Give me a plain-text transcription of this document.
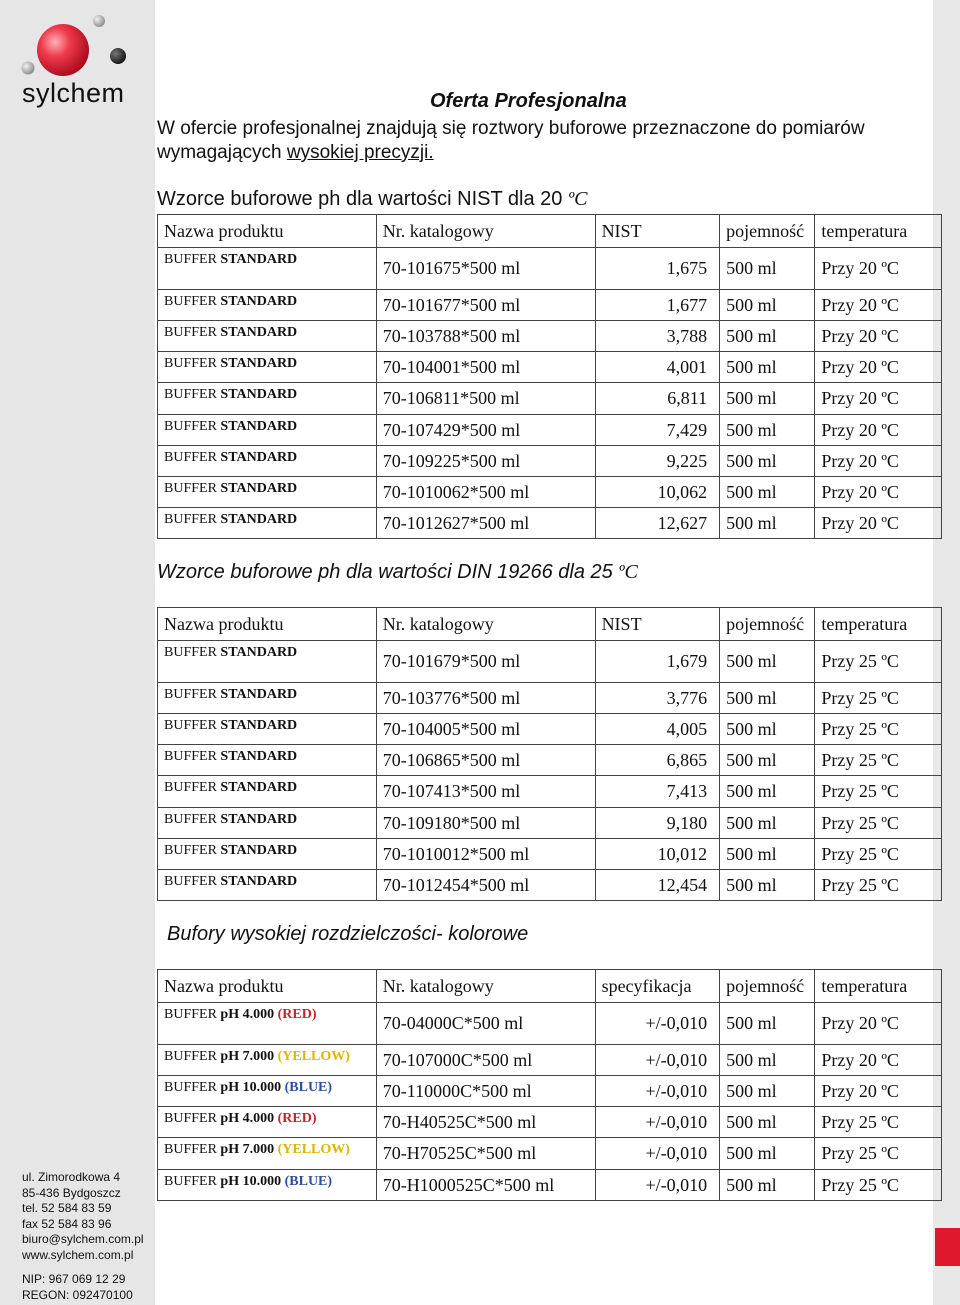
sylchem
ul. Zimorodkowa 4
85-436 Bydgoszcz
tel. 52 584 83 59
fax 52 584 83 96
biuro@sylchem.com.pl
www.sylchem.com.pl
NIP: 967 069 12 29
REGON: 092470100
Oferta Profesjonalna
W ofercie profesjonalnej znajdują się roztwory buforowe przeznaczone do pomiarów wymagających wysokiej precyzji.
Wzorce buforowe ph dla wartości NIST dla 20 ºC
Nazwa produktu	Nr. katalogowy	NIST	pojemność	temperatura
BUFFER STANDARD	70-101675*500 ml	1,675	500 ml	Przy 20 ºC
BUFFER STANDARD	70-101677*500 ml	1,677	500 ml	Przy 20 ºC
BUFFER STANDARD	70-103788*500 ml	3,788	500 ml	Przy 20 ºC
BUFFER STANDARD	70-104001*500 ml	4,001	500 ml	Przy 20 ºC
BUFFER STANDARD	70-106811*500 ml	6,811	500 ml	Przy 20 ºC
BUFFER STANDARD	70-107429*500 ml	7,429	500 ml	Przy 20 ºC
BUFFER STANDARD	70-109225*500 ml	9,225	500 ml	Przy 20 ºC
BUFFER STANDARD	70-1010062*500 ml	10,062	500 ml	Przy 20 ºC
BUFFER STANDARD	70-1012627*500 ml	12,627	500 ml	Przy 20 ºC
Wzorce buforowe ph dla wartości DIN 19266 dla 25 ºC
Nazwa produktu	Nr. katalogowy	NIST	pojemność	temperatura
BUFFER STANDARD	70-101679*500 ml	1,679	500 ml	Przy 25 ºC
BUFFER STANDARD	70-103776*500 ml	3,776	500 ml	Przy 25 ºC
BUFFER STANDARD	70-104005*500 ml	4,005	500 ml	Przy 25 ºC
BUFFER STANDARD	70-106865*500 ml	6,865	500 ml	Przy 25 ºC
BUFFER STANDARD	70-107413*500 ml	7,413	500 ml	Przy 25 ºC
BUFFER STANDARD	70-109180*500 ml	9,180	500 ml	Przy 25 ºC
BUFFER STANDARD	70-1010012*500 ml	10,012	500 ml	Przy 25 ºC
BUFFER STANDARD	70-1012454*500 ml	12,454	500 ml	Przy 25 ºC
Bufory wysokiej rozdzielczości- kolorowe
Nazwa produktu	Nr. katalogowy	specyfikacja	pojemność	temperatura
BUFFER pH 4.000 (RED)	70-04000C*500 ml	+/-0,010	500 ml	Przy 20 ºC
BUFFER pH 7.000 (YELLOW)	70-107000C*500 ml	+/-0,010	500 ml	Przy 20 ºC
BUFFER pH 10.000 (BLUE)	70-110000C*500 ml	+/-0,010	500 ml	Przy 20 ºC
BUFFER pH 4.000 (RED)	70-H40525C*500 ml	+/-0,010	500 ml	Przy 25 ºC
BUFFER pH 7.000 (YELLOW)	70-H70525C*500 ml	+/-0,010	500 ml	Przy 25 ºC
BUFFER pH 10.000 (BLUE)	70-H1000525C*500 ml	+/-0,010	500 ml	Przy 25 ºC
